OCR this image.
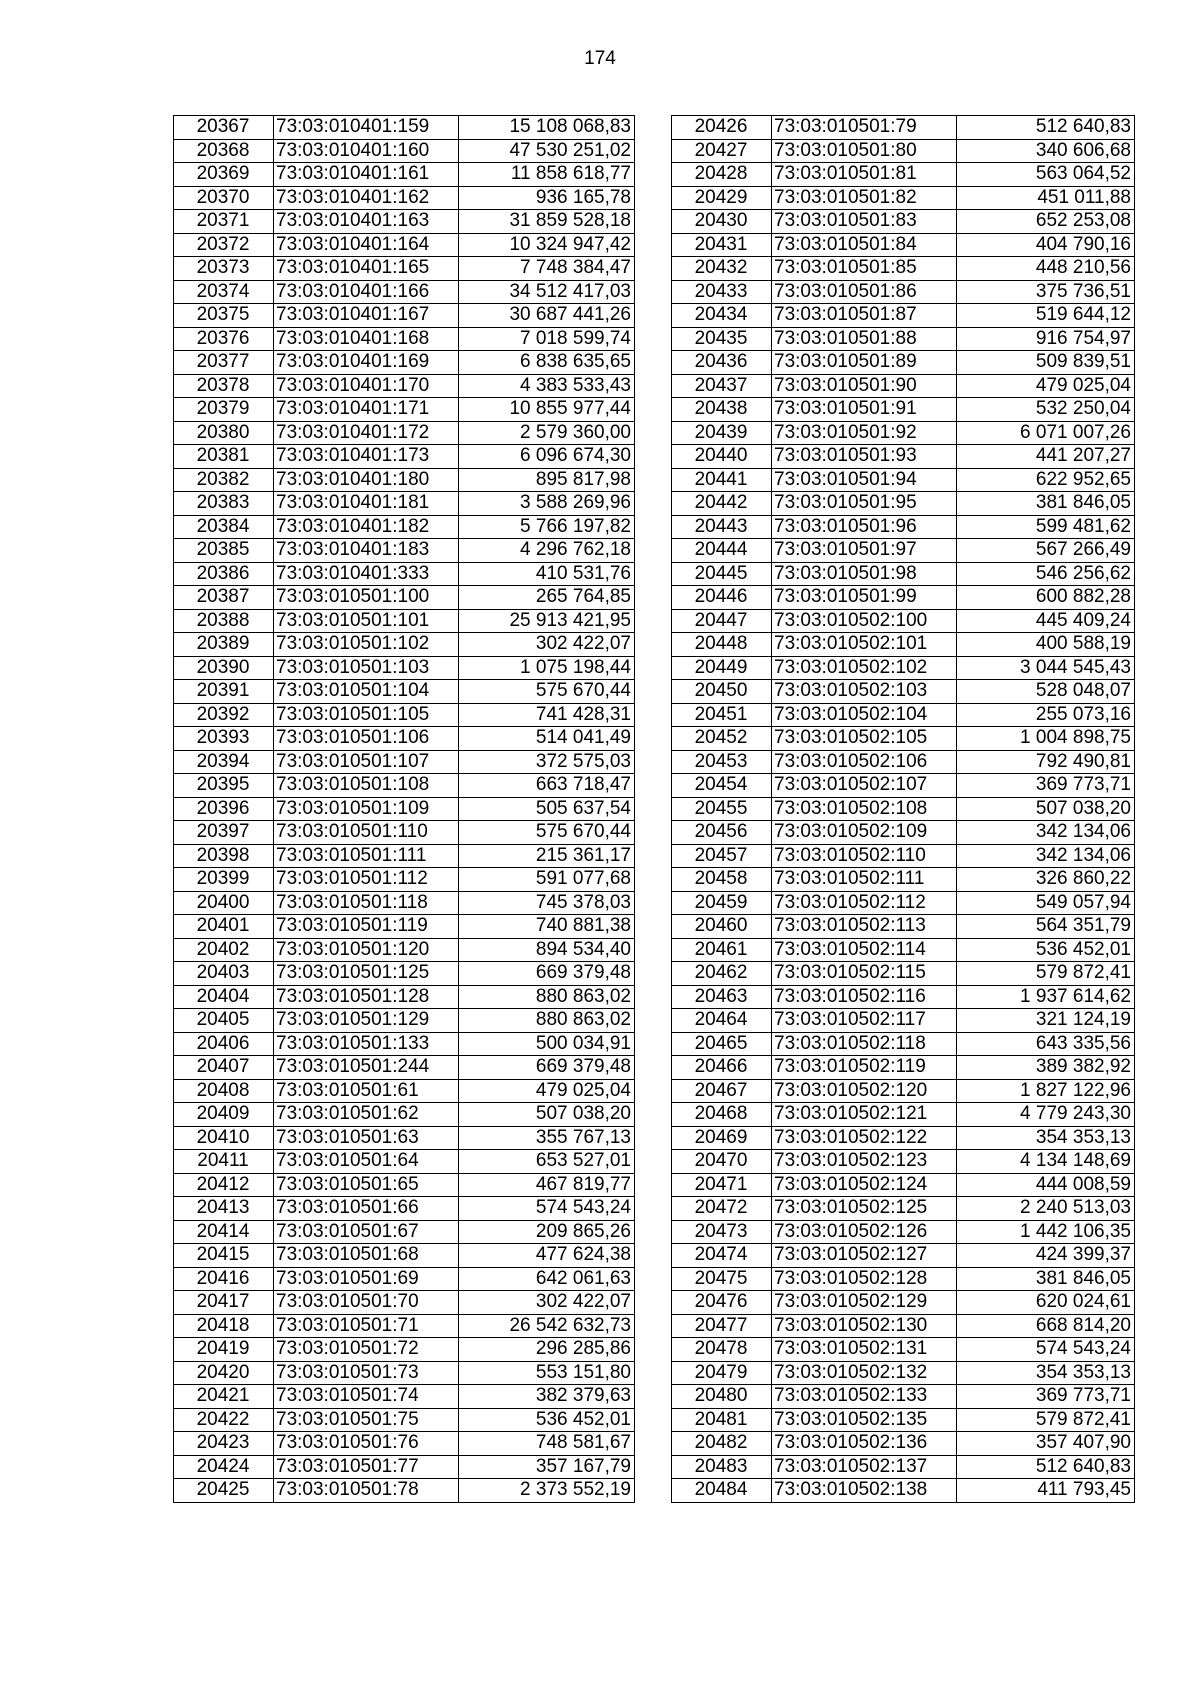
174
20367	73:03:010401:159	15 108 068,83
20368	73:03:010401:160	47 530 251,02
20369	73:03:010401:161	11 858 618,77
20370	73:03:010401:162	936 165,78
20371	73:03:010401:163	31 859 528,18
20372	73:03:010401:164	10 324 947,42
20373	73:03:010401:165	7 748 384,47
20374	73:03:010401:166	34 512 417,03
20375	73:03:010401:167	30 687 441,26
20376	73:03:010401:168	7 018 599,74
20377	73:03:010401:169	6 838 635,65
20378	73:03:010401:170	4 383 533,43
20379	73:03:010401:171	10 855 977,44
20380	73:03:010401:172	2 579 360,00
20381	73:03:010401:173	6 096 674,30
20382	73:03:010401:180	895 817,98
20383	73:03:010401:181	3 588 269,96
20384	73:03:010401:182	5 766 197,82
20385	73:03:010401:183	4 296 762,18
20386	73:03:010401:333	410 531,76
20387	73:03:010501:100	265 764,85
20388	73:03:010501:101	25 913 421,95
20389	73:03:010501:102	302 422,07
20390	73:03:010501:103	1 075 198,44
20391	73:03:010501:104	575 670,44
20392	73:03:010501:105	741 428,31
20393	73:03:010501:106	514 041,49
20394	73:03:010501:107	372 575,03
20395	73:03:010501:108	663 718,47
20396	73:03:010501:109	505 637,54
20397	73:03:010501:110	575 670,44
20398	73:03:010501:111	215 361,17
20399	73:03:010501:112	591 077,68
20400	73:03:010501:118	745 378,03
20401	73:03:010501:119	740 881,38
20402	73:03:010501:120	894 534,40
20403	73:03:010501:125	669 379,48
20404	73:03:010501:128	880 863,02
20405	73:03:010501:129	880 863,02
20406	73:03:010501:133	500 034,91
20407	73:03:010501:244	669 379,48
20408	73:03:010501:61	479 025,04
20409	73:03:010501:62	507 038,20
20410	73:03:010501:63	355 767,13
20411	73:03:010501:64	653 527,01
20412	73:03:010501:65	467 819,77
20413	73:03:010501:66	574 543,24
20414	73:03:010501:67	209 865,26
20415	73:03:010501:68	477 624,38
20416	73:03:010501:69	642 061,63
20417	73:03:010501:70	302 422,07
20418	73:03:010501:71	26 542 632,73
20419	73:03:010501:72	296 285,86
20420	73:03:010501:73	553 151,80
20421	73:03:010501:74	382 379,63
20422	73:03:010501:75	536 452,01
20423	73:03:010501:76	748 581,67
20424	73:03:010501:77	357 167,79
20425	73:03:010501:78	2 373 552,19
20426	73:03:010501:79	512 640,83
20427	73:03:010501:80	340 606,68
20428	73:03:010501:81	563 064,52
20429	73:03:010501:82	451 011,88
20430	73:03:010501:83	652 253,08
20431	73:03:010501:84	404 790,16
20432	73:03:010501:85	448 210,56
20433	73:03:010501:86	375 736,51
20434	73:03:010501:87	519 644,12
20435	73:03:010501:88	916 754,97
20436	73:03:010501:89	509 839,51
20437	73:03:010501:90	479 025,04
20438	73:03:010501:91	532 250,04
20439	73:03:010501:92	6 071 007,26
20440	73:03:010501:93	441 207,27
20441	73:03:010501:94	622 952,65
20442	73:03:010501:95	381 846,05
20443	73:03:010501:96	599 481,62
20444	73:03:010501:97	567 266,49
20445	73:03:010501:98	546 256,62
20446	73:03:010501:99	600 882,28
20447	73:03:010502:100	445 409,24
20448	73:03:010502:101	400 588,19
20449	73:03:010502:102	3 044 545,43
20450	73:03:010502:103	528 048,07
20451	73:03:010502:104	255 073,16
20452	73:03:010502:105	1 004 898,75
20453	73:03:010502:106	792 490,81
20454	73:03:010502:107	369 773,71
20455	73:03:010502:108	507 038,20
20456	73:03:010502:109	342 134,06
20457	73:03:010502:110	342 134,06
20458	73:03:010502:111	326 860,22
20459	73:03:010502:112	549 057,94
20460	73:03:010502:113	564 351,79
20461	73:03:010502:114	536 452,01
20462	73:03:010502:115	579 872,41
20463	73:03:010502:116	1 937 614,62
20464	73:03:010502:117	321 124,19
20465	73:03:010502:118	643 335,56
20466	73:03:010502:119	389 382,92
20467	73:03:010502:120	1 827 122,96
20468	73:03:010502:121	4 779 243,30
20469	73:03:010502:122	354 353,13
20470	73:03:010502:123	4 134 148,69
20471	73:03:010502:124	444 008,59
20472	73:03:010502:125	2 240 513,03
20473	73:03:010502:126	1 442 106,35
20474	73:03:010502:127	424 399,37
20475	73:03:010502:128	381 846,05
20476	73:03:010502:129	620 024,61
20477	73:03:010502:130	668 814,20
20478	73:03:010502:131	574 543,24
20479	73:03:010502:132	354 353,13
20480	73:03:010502:133	369 773,71
20481	73:03:010502:135	579 872,41
20482	73:03:010502:136	357 407,90
20483	73:03:010502:137	512 640,83
20484	73:03:010502:138	411 793,45
